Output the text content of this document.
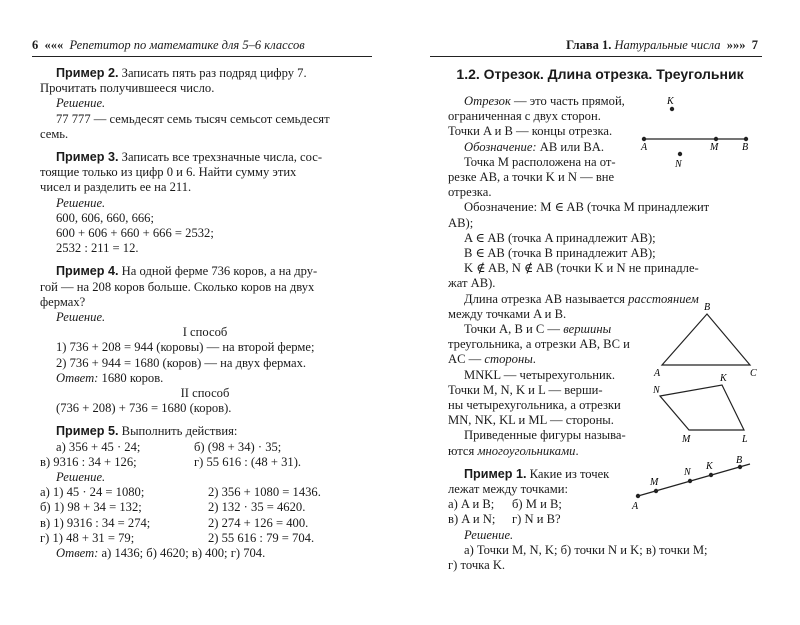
6  «««  Репетитор по математике для 5–6 классов

Пример 2. Записать пять раз подряд цифру 7.

Прочитать получившееся число.

Решение.

77 777 — семьдесят семь тысяч семьсот семьдесят

семь.

Пример 3. Записать все трехзначные числа, сос-

тоящие только из цифр 0 и 6. Найти сумму этих

чисел и разделить ее на 211.

Решение.

600, 606, 660, 666;

600 + 606 + 660 + 666 = 2532;

2532 : 211 = 12.

Пример 4. На одной ферме 736 коров, а на дру-

гой — на 208 коров больше. Сколько коров на двух

фермах?

Решение.

I способ

1) 736 + 208 = 944 (коровы) — на второй ферме;

2) 736 + 944 = 1680 (коров) — на двух фермах.

Ответ: 1680 коров.

II способ

(736 + 208) + 736 = 1680 (коров).

Пример 5. Выполнить действия:

а) 356 + 45 · 24;	б) (98 + 34) · 35;
в) 9316 : 34 + 126;	г) 55 616 : (48 + 31).

Решение.

а) 1) 45 · 24 = 1080;	2) 356 + 1080 = 1436.
б) 1) 98 + 34 = 132;	2) 132 · 35 = 4620.
в) 1) 9316 : 34 = 274;	2) 274 + 126 = 400.
г) 1) 48 + 31 = 79;	2) 55 616 : 79 = 704.

Ответ: а) 1436; б) 4620; в) 400; г) 704.

Глава 1. Натуральные числа  »»»  7
1.2. Отрезок. Длина отрезка. Треугольник

Отрезок — это часть прямой,

ограниченная с двух сторон.

Точки A и B — концы отрезка.

Обозначение: AB или BA.

Точка M расположена на от-

резке AB, а точки K и N — вне

отрезка.

Обозначение: M ∈ AB (точка M принадлежит

AB);

A ∈ AB (точка A принадлежит AB);

B ∈ AB (точка B принадлежит AB);

K ∉ AB, N ∉ AB (точки K и N не принадле-

жат AB).

Длина отрезка AB называется расстоянием

между точками A и B.

Точки A, B и C — вершины

треугольника, а отрезки AB, BC и

AC — стороны.

MNKL — четырехугольник.

Точки M, N, K и L — верши-

ны четырехугольника, а отрезки

MN, NK, KL и ML — стороны.

Приведенные фигуры называ-

ются многоугольниками.

Пример 1. Какие из точек

лежат между точками:

а) A и B;	б) M и B;
в) A и N;	г) N и B?

Решение.

а) Точки M, N, K; б) точки N и K; в) точки M;

г) точка K.

A	B
M
K
N
A
B
C
N
K
L
M
A
M
N
K
B
